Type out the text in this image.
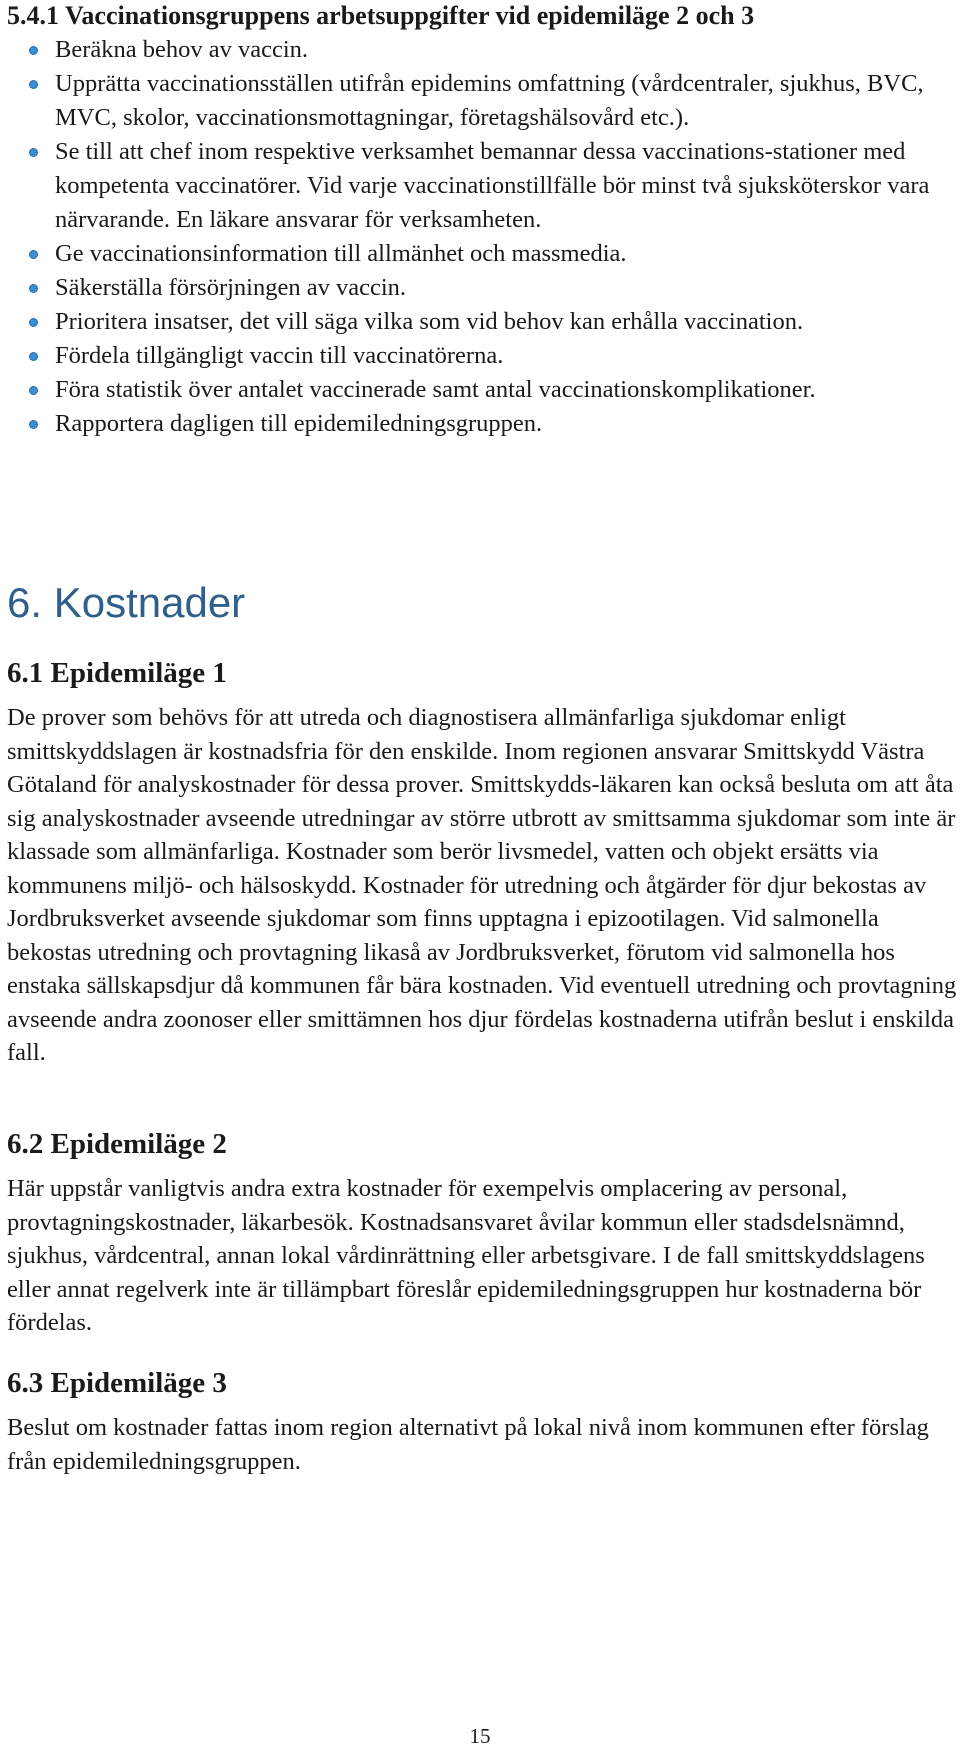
5.4.1 Vaccinationsgruppens arbetsuppgifter vid epidemiläge 2 och 3
Beräkna behov av vaccin.
Upprätta vaccinationsställen utifrån epidemins omfattning (vårdcentraler, sjukhus, BVC, MVC, skolor, vaccinationsmottagningar, företagshälsovård etc.).
Se till att chef inom respektive verksamhet bemannar dessa vaccinations-stationer med kompetenta vaccinatörer. Vid varje vaccinationstillfälle bör minst två sjuksköterskor vara närvarande. En läkare ansvarar för verksamheten.
Ge vaccinationsinformation till allmänhet och massmedia.
Säkerställa försörjningen av vaccin.
Prioritera insatser, det vill säga vilka som vid behov kan erhålla vaccination.
Fördela tillgängligt vaccin till vaccinatörerna.
Föra statistik över antalet vaccinerade samt antal vaccinationskomplikationer.
Rapportera dagligen till epidemiledningsgruppen.
6. Kostnader
6.1 Epidemiläge 1

De prover som behövs för att utreda och diagnostisera allmänfarliga sjukdomar enligt smittskyddslagen är kostnadsfria för den enskilde. Inom regionen ansvarar Smittskydd Västra Götaland för analyskostnader för dessa prover. Smittskydds-läkaren kan också besluta om att åta sig analyskostnader avseende utredningar av större utbrott av smittsamma sjukdomar som inte är klassade som allmänfarliga. Kostnader som berör livsmedel, vatten och objekt ersätts via kommunens miljö- och hälsoskydd. Kostnader för utredning och åtgärder för djur bekostas av Jordbruksverket avseende sjukdomar som finns upptagna i epizootilagen. Vid salmonella bekostas utredning och provtagning likaså av Jordbruksverket, förutom vid salmonella hos enstaka sällskapsdjur då kommunen får bära kostnaden. Vid eventuell utredning och provtagning avseende andra zoonoser eller smittämnen hos djur fördelas kostnaderna utifrån beslut i enskilda fall.

6.2 Epidemiläge 2

Här uppstår vanligtvis andra extra kostnader för exempelvis omplacering av personal, provtagningskostnader, läkarbesök. Kostnadsansvaret åvilar kommun eller stadsdelsnämnd, sjukhus, vårdcentral, annan lokal vårdinrättning eller arbetsgivare. I de fall smittskyddslagens eller annat regelverk inte är tillämpbart föreslår epidemiledningsgruppen hur kostnaderna bör fördelas.

6.3 Epidemiläge 3

Beslut om kostnader fattas inom region alternativt på lokal nivå inom kommunen efter förslag från epidemiledningsgruppen.

15
